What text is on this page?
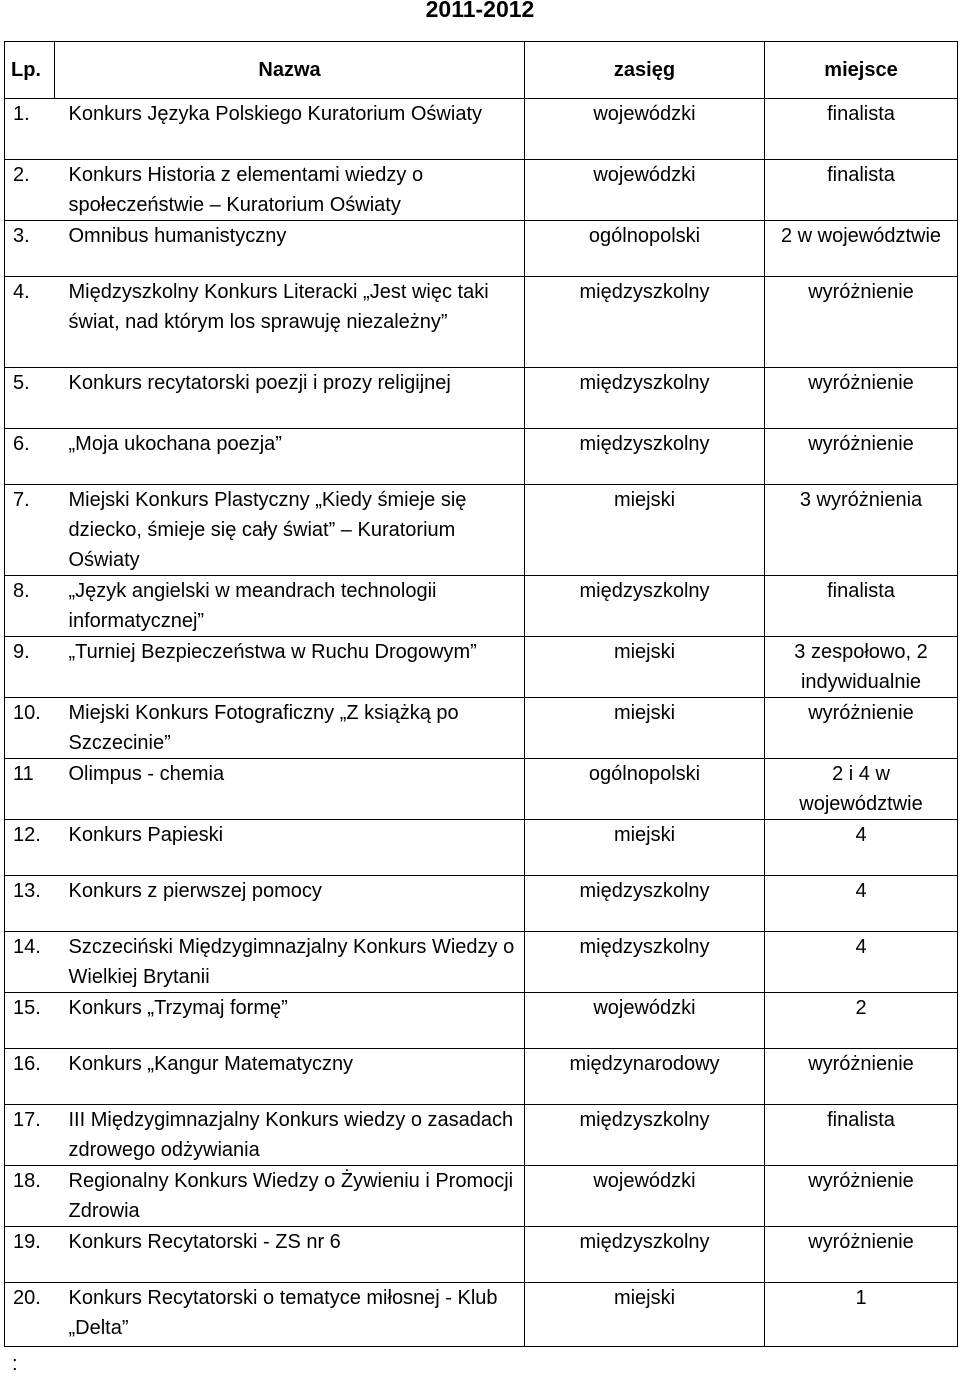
2011-2012
Lp.	Nazwa	zasięg	miejsce
1.	Konkurs Języka Polskiego Kuratorium Oświaty	wojewódzki	finalista
2.	Konkurs Historia z elementami wiedzy o społeczeństwie – Kuratorium Oświaty	wojewódzki	finalista
3.	Omnibus humanistyczny	ogólnopolski	2 w województwie
4.	Międzyszkolny Konkurs Literacki „Jest więc taki świat, nad którym los sprawuję niezależny”	międzyszkolny	wyróżnienie
5.	Konkurs recytatorski poezji i prozy religijnej	międzyszkolny	wyróżnienie
6.	„Moja ukochana poezja”	międzyszkolny	wyróżnienie
7.	Miejski Konkurs Plastyczny „Kiedy śmieje się dziecko, śmieje się cały świat” – Kuratorium Oświaty	miejski	3 wyróżnienia
8.	„Język angielski w meandrach technologii informatycznej”	międzyszkolny	finalista
9.	„Turniej Bezpieczeństwa w Ruchu Drogowym”	miejski	3 zespołowo, 2 indywidualnie
10.	Miejski Konkurs Fotograficzny „Z książką po Szczecinie”	miejski	wyróżnienie
11	Olimpus - chemia	ogólnopolski	2 i 4 w województwie
12.	Konkurs Papieski	miejski	4
13.	Konkurs z pierwszej pomocy	międzyszkolny	4
14.	Szczeciński Międzygimnazjalny Konkurs Wiedzy o Wielkiej Brytanii	międzyszkolny	4
15.	Konkurs „Trzymaj formę”	wojewódzki	2
16.	Konkurs „Kangur Matematyczny	międzynarodowy	wyróżnienie
17.	III Międzygimnazjalny Konkurs wiedzy o zasadach zdrowego odżywiania	międzyszkolny	finalista
18.	Regionalny Konkurs Wiedzy o Żywieniu i Promocji Zdrowia	wojewódzki	wyróżnienie
19.	Konkurs Recytatorski - ZS nr 6	międzyszkolny	wyróżnienie
20.	Konkurs Recytatorski o tematyce miłosnej - Klub „Delta”	miejski	1
:
